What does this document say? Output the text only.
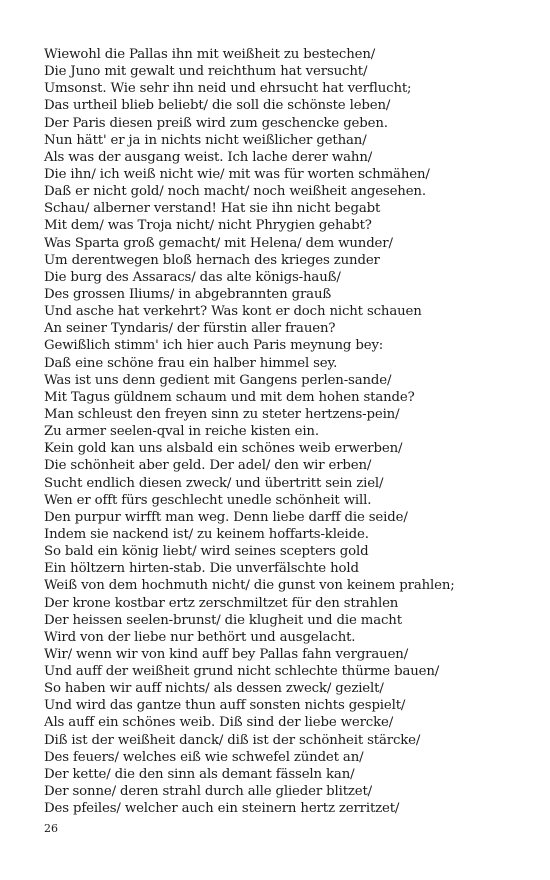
Wiewohl die Pallas ihn mit weißheit zu bestechen/
Die Juno mit gewalt und reichthum hat versucht/
Umsonst. Wie sehr ihn neid und ehrsucht hat verflucht;
Das urtheil blieb beliebt/ die soll die schönste leben/
Der Paris diesen preiß wird zum geschencke geben.
Nun hätt' er ja in nichts nicht weißlicher gethan/
Als was der ausgang weist. Ich lache derer wahn/
Die ihn/ ich weiß nicht wie/ mit was für worten schmähen/
Daß er nicht gold/ noch macht/ noch weißheit angesehen.
Schau/ alberner verstand! Hat sie ihn nicht begabt
Mit dem/ was Troja nicht/ nicht Phrygien gehabt?
Was Sparta groß gemacht/ mit Helena/ dem wunder/
Um derentwegen bloß hernach des krieges zunder
Die burg des Assaracs/ das alte königs-hauß/
Des grossen Iliums/ in abgebrannten grauß
Und asche hat verkehrt? Was kont er doch nicht schauen
An seiner Tyndaris/ der fürstin aller frauen?
Gewißlich stimm' ich hier auch Paris meynung bey:
Daß eine schöne frau ein halber himmel sey.
Was ist uns denn gedient mit Gangens perlen-sande/
Mit Tagus güldnem schaum und mit dem hohen stande?
Man schleust den freyen sinn zu steter hertzens-pein/
Zu armer seelen-qval in reiche kisten ein.
Kein gold kan uns alsbald ein schönes weib erwerben/
Die schönheit aber geld. Der adel/ den wir erben/
Sucht endlich diesen zweck/ und übertritt sein ziel/
Wen er offt fürs geschlecht unedle schönheit will.
Den purpur wirfft man weg. Denn liebe darff die seide/
Indem sie nackend ist/ zu keinem hoffarts-kleide.
So bald ein könig liebt/ wird seines scepters gold
Ein höltzern hirten-stab. Die unverfälschte hold
Weiß von dem hochmuth nicht/ die gunst von keinem prahlen;
Der krone kostbar ertz zerschmiltzet für den strahlen
Der heissen seelen-brunst/ die klugheit und die macht
Wird von der liebe nur bethört und ausgelacht.
Wir/ wenn wir von kind auff bey Pallas fahn vergrauen/
Und auff der weißheit grund nicht schlechte thürme bauen/
So haben wir auff nichts/ als dessen zweck/ gezielt/
Und wird das gantze thun auff sonsten nichts gespielt/
Als auff ein schönes weib. Diß sind der liebe wercke/
Diß ist der weißheit danck/ diß ist der schönheit stärcke/
Des feuers/ welches eiß wie schwefel zündet an/
Der kette/ die den sinn als demant fässeln kan/
Der sonne/ deren strahl durch alle glieder blitzet/
Des pfeiles/ welcher auch ein steinern hertz zerritzet/
26
